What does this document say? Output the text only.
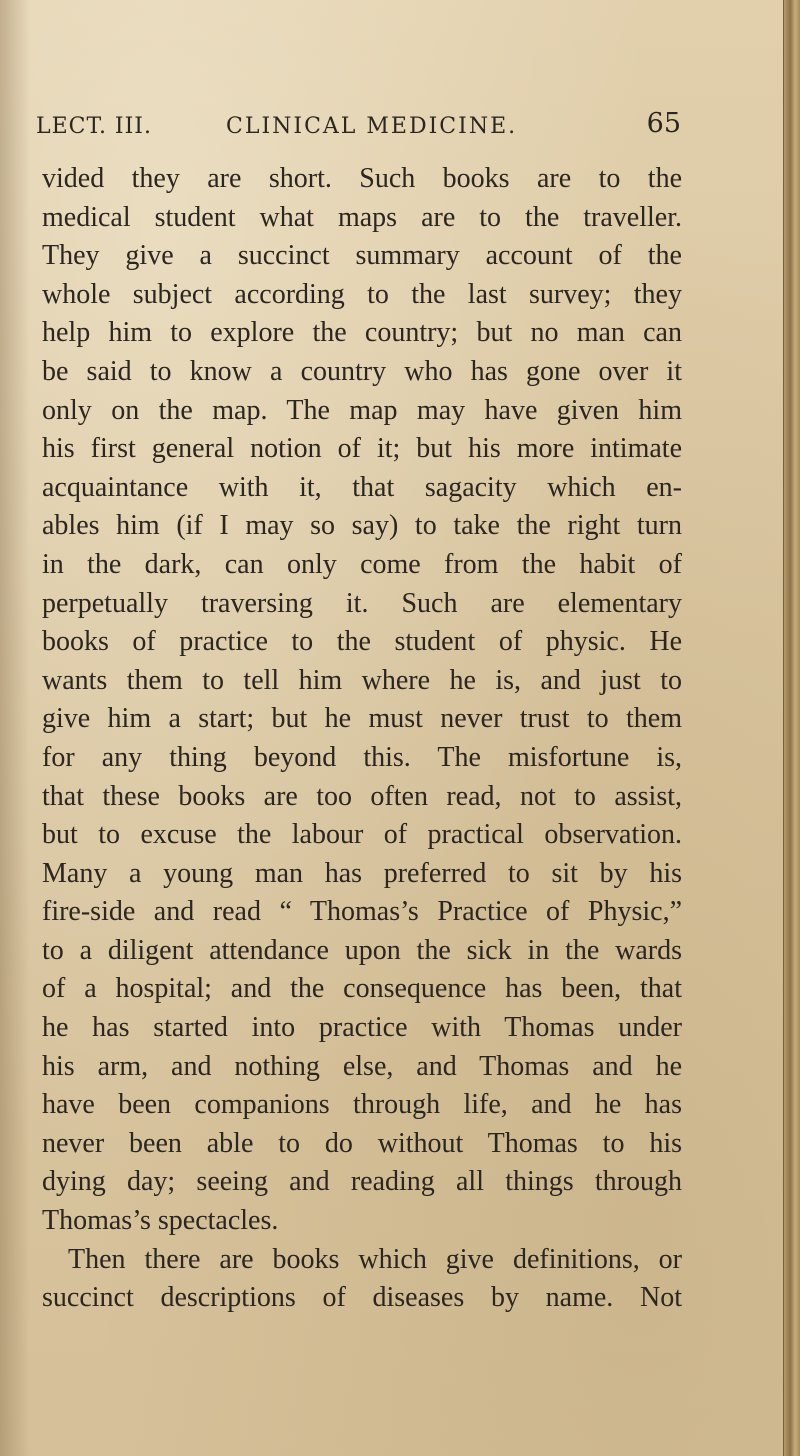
LECT. III.	CLINICAL MEDICINE.	65
vided they are short. Such books are to the
medical student what maps are to the traveller.
They give a succinct summary account of the
whole subject according to the last survey; they
help him to explore the country; but no man can
be said to know a country who has gone over it
only on the map. The map may have given him
his first general notion of it; but his more intimate
acquaintance with it, that sagacity which en-
ables him (if I may so say) to take the right turn
in the dark, can only come from the habit of
perpetually traversing it. Such are elementary
books of practice to the student of physic. He
wants them to tell him where he is, and just to
give him a start; but he must never trust to them
for any thing beyond this. The misfortune is,
that these books are too often read, not to assist,
but to excuse the labour of practical observation.
Many a young man has preferred to sit by his
fire-side and read “ Thomas’s Practice of Physic,”
to a diligent attendance upon the sick in the wards
of a hospital; and the consequence has been, that
he has started into practice with Thomas under
his arm, and nothing else, and Thomas and he
have been companions through life, and he has
never been able to do without Thomas to his
dying day; seeing and reading all things through
Thomas’s spectacles.
Then there are books which give definitions, or
succinct descriptions of diseases by name. Not
